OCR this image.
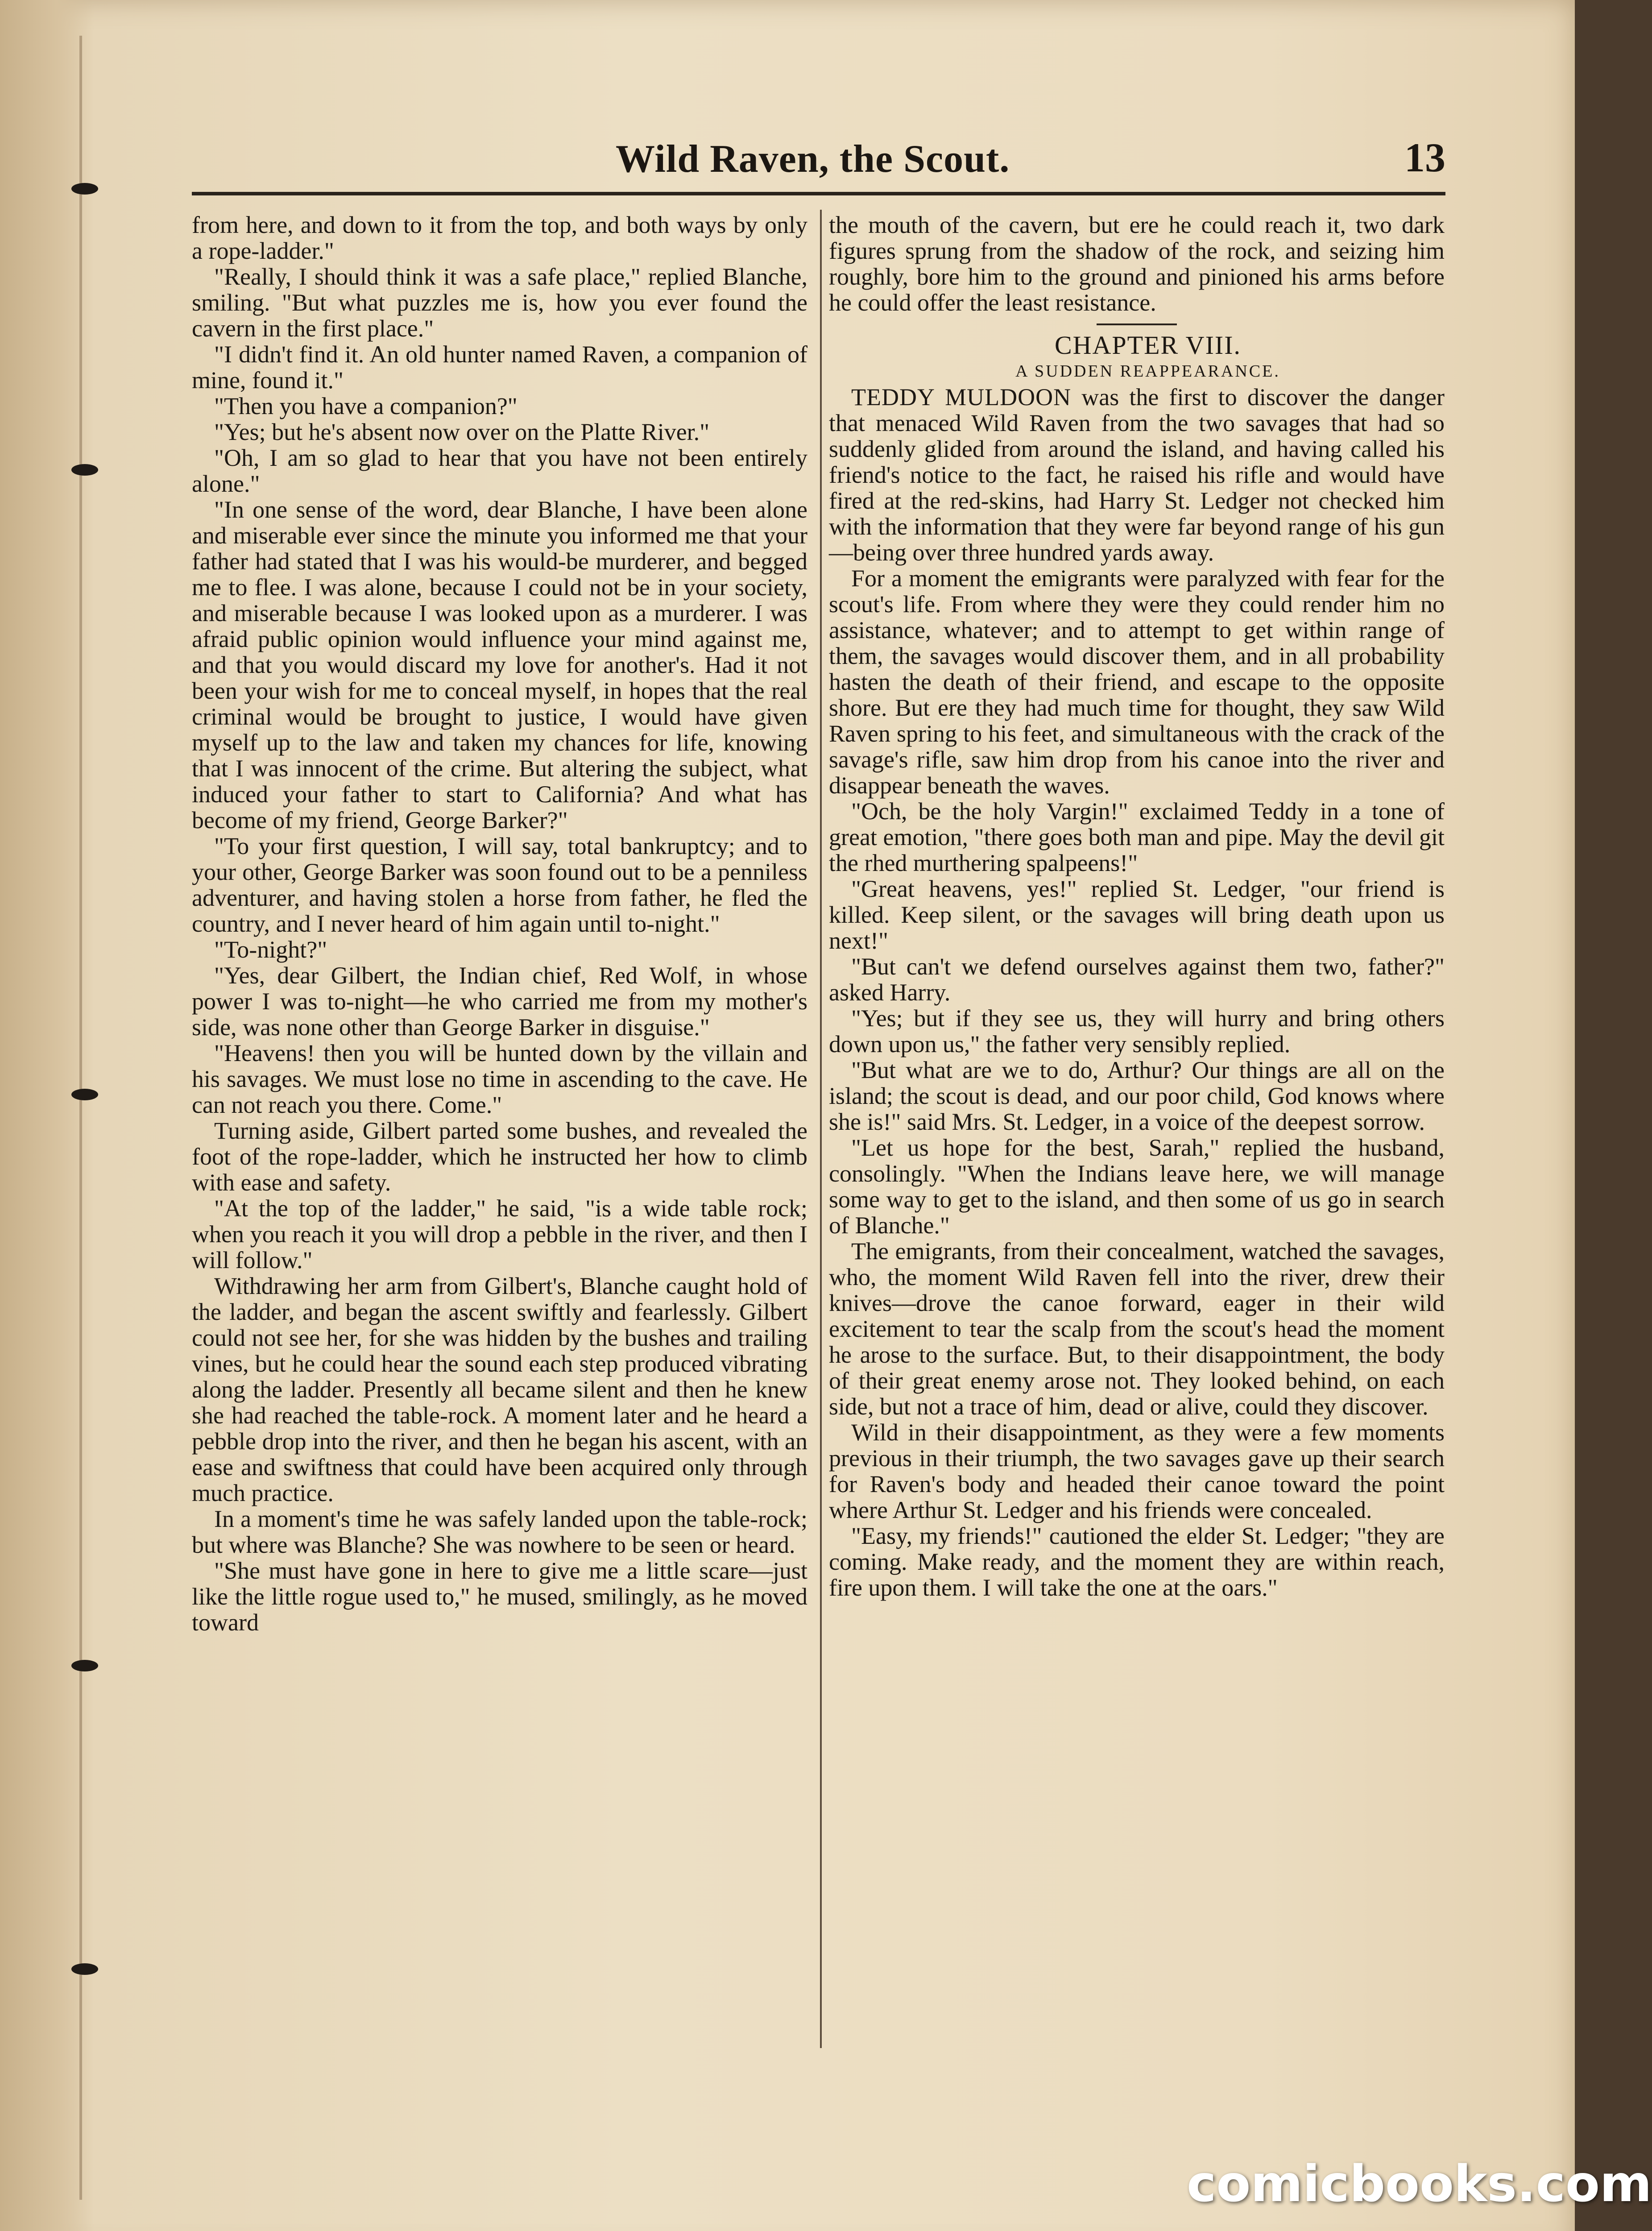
Wild Raven, the Scout.	13

from here, and down to it from the top, and both ways by only a rope-ladder."

"Really, I should think it was a safe place," replied Blanche, smiling. "But what puzzles me is, how you ever found the cavern in the first place."

"I didn't find it. An old hunter named Raven, a companion of mine, found it."

"Then you have a companion?"

"Yes; but he's absent now over on the Platte River."

"Oh, I am so glad to hear that you have not been entirely alone."

"In one sense of the word, dear Blanche, I have been alone and miserable ever since the minute you informed me that your father had stated that I was his would-be murderer, and begged me to flee. I was alone, because I could not be in your society, and miserable because I was looked upon as a murderer. I was afraid public opinion would influence your mind against me, and that you would discard my love for another's. Had it not been your wish for me to conceal myself, in hopes that the real criminal would be brought to justice, I would have given myself up to the law and taken my chances for life, knowing that I was innocent of the crime. But altering the subject, what induced your father to start to California? And what has become of my friend, George Barker?"

"To your first question, I will say, total bankruptcy; and to your other, George Barker was soon found out to be a penniless adventurer, and having stolen a horse from father, he fled the country, and I never heard of him again until to-night."

"To-night?"

"Yes, dear Gilbert, the Indian chief, Red Wolf, in whose power I was to-night—he who carried me from my mother's side, was none other than George Barker in disguise."

"Heavens! then you will be hunted down by the villain and his savages. We must lose no time in ascending to the cave. He can not reach you there. Come."

Turning aside, Gilbert parted some bushes, and revealed the foot of the rope-ladder, which he instructed her how to climb with ease and safety.

"At the top of the ladder," he said, "is a wide table rock; when you reach it you will drop a pebble in the river, and then I will follow."

Withdrawing her arm from Gilbert's, Blanche caught hold of the ladder, and began the ascent swiftly and fearlessly. Gilbert could not see her, for she was hidden by the bushes and trailing vines, but he could hear the sound each step produced vibrating along the ladder. Presently all became silent and then he knew she had reached the table-rock. A moment later and he heard a pebble drop into the river, and then he began his ascent, with an ease and swiftness that could have been acquired only through much practice.

In a moment's time he was safely landed upon the table-rock; but where was Blanche? She was nowhere to be seen or heard.

"She must have gone in here to give me a little scare—just like the little rogue used to," he mused, smilingly, as he moved toward

the mouth of the cavern, but ere he could reach it, two dark figures sprung from the shadow of the rock, and seizing him roughly, bore him to the ground and pinioned his arms before he could offer the least resistance.

CHAPTER VIII.

A SUDDEN REAPPEARANCE.

TEDDY MULDOON was the first to discover the danger that menaced Wild Raven from the two savages that had so suddenly glided from around the island, and having called his friend's notice to the fact, he raised his rifle and would have fired at the red-skins, had Harry St. Ledger not checked him with the information that they were far beyond range of his gun—being over three hundred yards away.

For a moment the emigrants were paralyzed with fear for the scout's life. From where they were they could render him no assistance, whatever; and to attempt to get within range of them, the savages would discover them, and in all probability hasten the death of their friend, and escape to the opposite shore. But ere they had much time for thought, they saw Wild Raven spring to his feet, and simultaneous with the crack of the savage's rifle, saw him drop from his canoe into the river and disappear beneath the waves.

"Och, be the holy Vargin!" exclaimed Teddy in a tone of great emotion, "there goes both man and pipe. May the devil git the rhed murthering spalpeens!"

"Great heavens, yes!" replied St. Ledger, "our friend is killed. Keep silent, or the savages will bring death upon us next!"

"But can't we defend ourselves against them two, father?" asked Harry.

"Yes; but if they see us, they will hurry and bring others down upon us," the father very sensibly replied.

"But what are we to do, Arthur? Our things are all on the island; the scout is dead, and our poor child, God knows where she is!" said Mrs. St. Ledger, in a voice of the deepest sorrow.

"Let us hope for the best, Sarah," replied the husband, consolingly. "When the Indians leave here, we will manage some way to get to the island, and then some of us go in search of Blanche."

The emigrants, from their concealment, watched the savages, who, the moment Wild Raven fell into the river, drew their knives—drove the canoe forward, eager in their wild excitement to tear the scalp from the scout's head the moment he arose to the surface. But, to their disappointment, the body of their great enemy arose not. They looked behind, on each side, but not a trace of him, dead or alive, could they discover.

Wild in their disappointment, as they were a few moments previous in their triumph, the two savages gave up their search for Raven's body and headed their canoe toward the point where Arthur St. Ledger and his friends were concealed.

"Easy, my friends!" cautioned the elder St. Ledger; "they are coming. Make ready, and the moment they are within reach, fire upon them. I will take the one at the oars."

comicbooks.com
